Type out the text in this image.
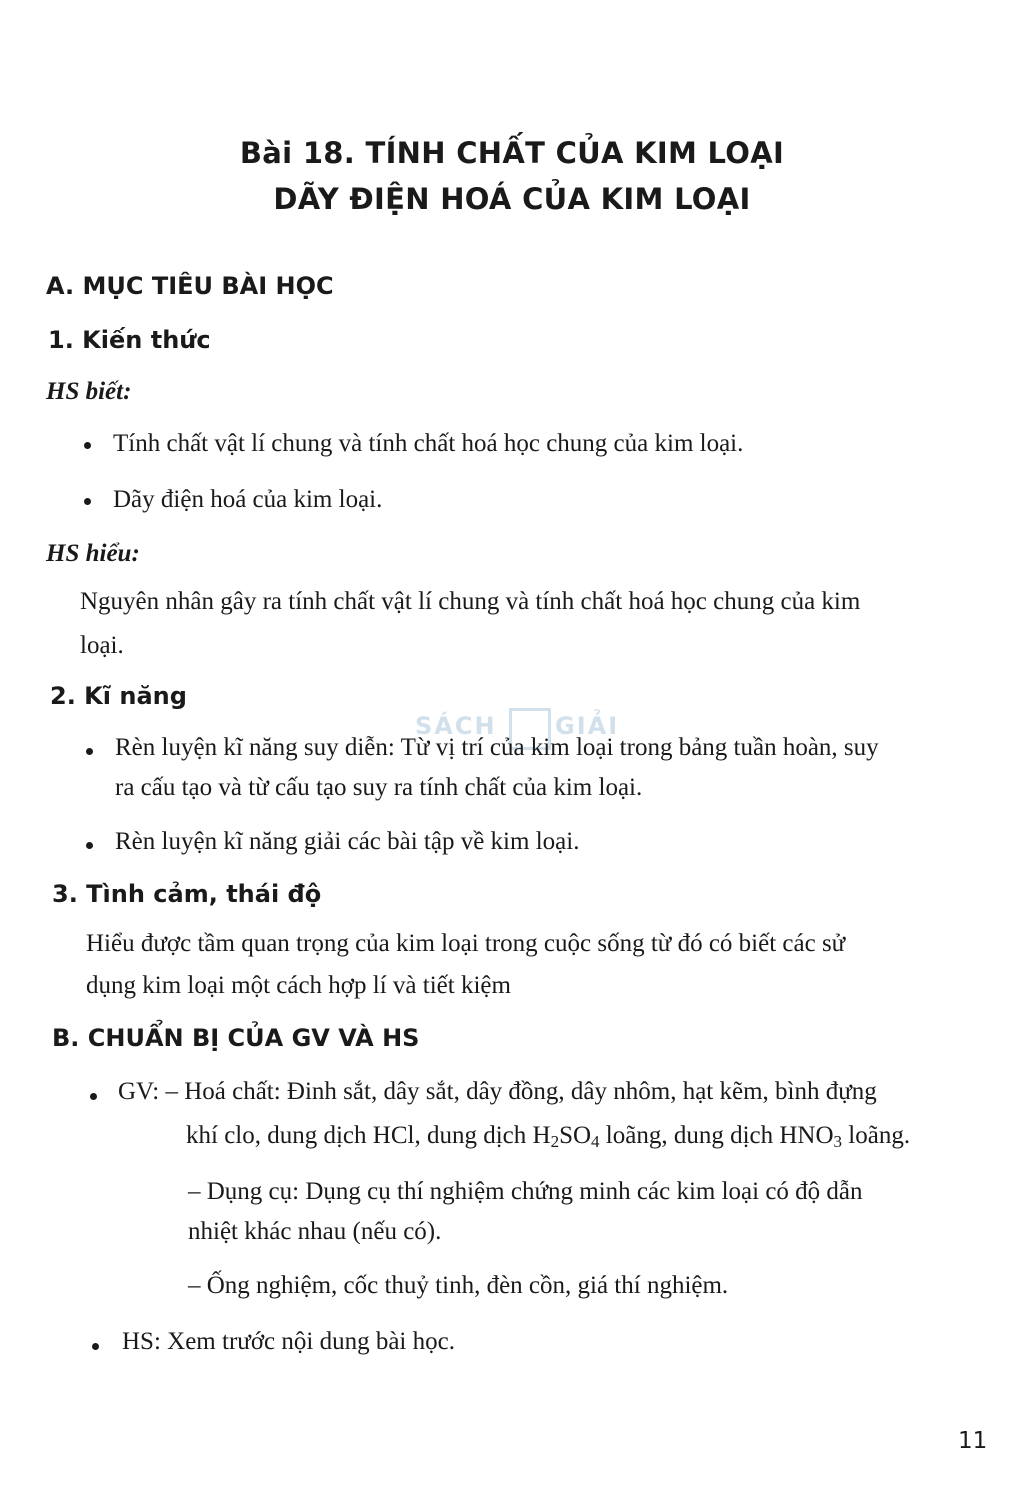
Bài 18. TÍNH CHẤT CỦA KIM LOẠI
DÃY ĐIỆN HOÁ CỦA KIM LOẠI
A. MỤC TIÊU BÀI HỌC
1. Kiến thức
HS biết:
Tính chất vật lí chung và tính chất hoá học chung của kim loại.
Dãy điện hoá của kim loại.
HS hiểu:
Nguyên nhân gây ra tính chất vật lí chung và tính chất hoá học chung của kim
loại.
2. Kĩ năng
SÁCH GIẢI
Rèn luyện kĩ năng suy diễn: Từ vị trí của kim loại trong bảng tuần hoàn, suy
ra cấu tạo và từ cấu tạo suy ra tính chất của kim loại.
Rèn luyện kĩ năng giải các bài tập về kim loại.
3. Tình cảm, thái độ
Hiểu được tầm quan trọng của kim loại trong cuộc sống từ đó có biết các sử
dụng kim loại một cách hợp lí và tiết kiệm
B. CHUẨN BỊ CỦA GV VÀ HS
GV: – Hoá chất: Đinh sắt, dây sắt, dây đồng, dây nhôm, hạt kẽm, bình đựng
khí clo, dung dịch HCl, dung dịch $H_2SO_4$ loãng, dung dịch $HNO_3$ loãng.
– Dụng cụ: Dụng cụ thí nghiệm chứng minh các kim loại có độ dẫn
nhiệt khác nhau (nếu có).
– Ống nghiệm, cốc thuỷ tinh, đèn cồn, giá thí nghiệm.
HS: Xem trước nội dung bài học.
11
